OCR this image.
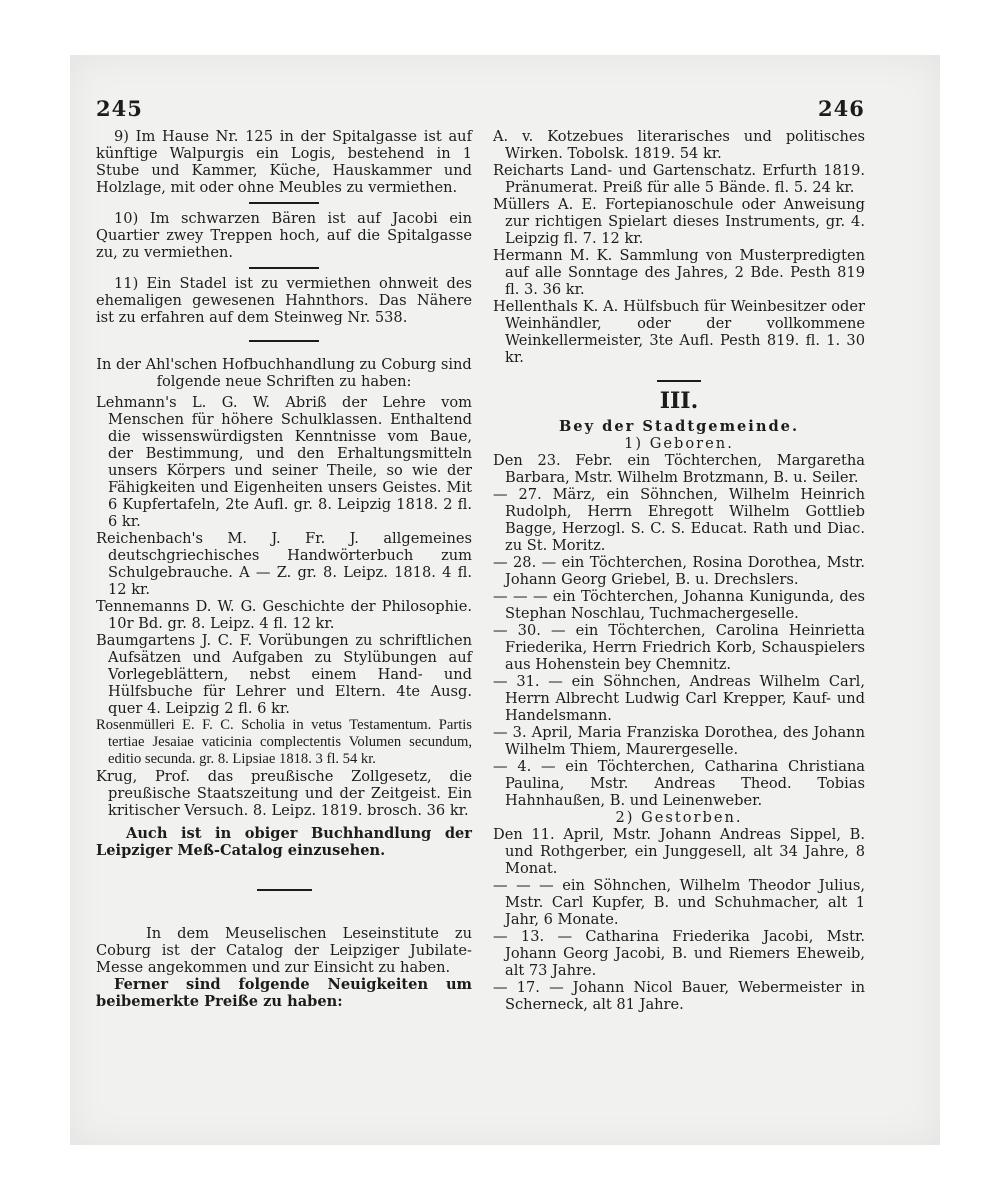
245	246

9) Im Hause Nr. 125 in der Spitalgasse ist auf künftige Walpurgis ein Logis, bestehend in 1 Stube und Kammer, Küche, Hauskammer und Holzlage, mit oder ohne Meubles zu vermiethen.

10) Im schwarzen Bären ist auf Jacobi ein Quartier zwey Treppen hoch, auf die Spitalgasse zu, zu vermiethen.

11) Ein Stadel ist zu vermiethen ohnweit des ehemaligen gewesenen Hahnthors. Das Nähere ist zu erfahren auf dem Steinweg Nr. 538.

In der Ahl'schen Hofbuchhandlung zu Coburg sind folgende neue Schriften zu haben:

Lehmann's L. G. W. Abriß der Lehre vom Menschen für höhere Schulklassen. Enthaltend die wissenswürdigsten Kenntnisse vom Baue, der Bestimmung, und den Erhaltungsmitteln unsers Körpers und seiner Theile, so wie der Fähigkeiten und Eigenheiten unsers Geistes. Mit 6 Kupfertafeln, 2te Aufl. gr. 8. Leipzig 1818. 2 fl. 6 kr.

Reichenbach's M. J. Fr. J. allgemeines deutschgriechisches Handwörterbuch zum Schulgebrauche. A — Z. gr. 8. Leipz. 1818. 4 fl. 12 kr.

Tennemanns D. W. G. Geschichte der Philosophie. 10r Bd. gr. 8. Leipz. 4 fl. 12 kr.

Baumgartens J. C. F. Vorübungen zu schriftlichen Aufsätzen und Aufgaben zu Stylübungen auf Vorlegeblättern, nebst einem Hand- und Hülfsbuche für Lehrer und Eltern. 4te Ausg. quer 4. Leipzig 2 fl. 6 kr.

Rosenmülleri E. F. C. Scholia in vetus Testamentum. Partis tertiae Jesaiae vaticinia complectentis Volumen secundum, editio secunda. gr. 8. Lipsiae 1818. 3 fl. 54 kr.

Krug, Prof. das preußische Zollgesetz, die preußische Staatszeitung und der Zeitgeist. Ein kritischer Versuch. 8. Leipz. 1819. brosch. 36 kr.

Auch ist in obiger Buchhandlung der Leipziger Meß-Catalog einzusehen.

In dem Meuselischen Leseinstitute zu Coburg ist der Catalog der Leipziger Jubilate-Messe angekommen und zur Einsicht zu haben.

Ferner sind folgende Neuigkeiten um beibemerkte Preiße zu haben:

A. v. Kotzebues literarisches und politisches Wirken. Tobolsk. 1819. 54 kr.

Reicharts Land- und Gartenschatz. Erfurth 1819. Pränumerat. Preiß für alle 5 Bände. fl. 5. 24 kr.

Müllers A. E. Fortepianoschule oder Anweisung zur richtigen Spielart dieses Instruments, gr. 4. Leipzig fl. 7. 12 kr.

Hermann M. K. Sammlung von Musterpredigten auf alle Sonntage des Jahres, 2 Bde. Pesth 819 fl. 3. 36 kr.

Hellenthals K. A. Hülfsbuch für Weinbesitzer oder Weinhändler, oder der vollkommene Weinkellermeister, 3te Aufl. Pesth 819. fl. 1. 30 kr.

III.

Bey der Stadtgemeinde.

1) Geboren.

Den 23. Febr. ein Töchterchen, Margaretha Barbara, Mstr. Wilhelm Brotzmann, B. u. Seiler.

— 27. März, ein Söhnchen, Wilhelm Heinrich Rudolph, Herrn Ehregott Wilhelm Gottlieb Bagge, Herzogl. S. C. S. Educat. Rath und Diac. zu St. Moritz.

— 28. — ein Töchterchen, Rosina Dorothea, Mstr. Johann Georg Griebel, B. u. Drechslers.

— — — ein Töchterchen, Johanna Kunigunda, des Stephan Noschlau, Tuchmachergeselle.

— 30. — ein Töchterchen, Carolina Heinrietta Friederika, Herrn Friedrich Korb, Schauspielers aus Hohenstein bey Chemnitz.

— 31. — ein Söhnchen, Andreas Wilhelm Carl, Herrn Albrecht Ludwig Carl Krepper, Kauf- und Handelsmann.

— 3. April, Maria Franziska Dorothea, des Johann Wilhelm Thiem, Maurergeselle.

— 4. — ein Töchterchen, Catharina Christiana Paulina, Mstr. Andreas Theod. Tobias Hahnhaußen, B. und Leinenweber.

2) Gestorben.

Den 11. April, Mstr. Johann Andreas Sippel, B. und Rothgerber, ein Junggesell, alt 34 Jahre, 8 Monat.

— — — ein Söhnchen, Wilhelm Theodor Julius, Mstr. Carl Kupfer, B. und Schuhmacher, alt 1 Jahr, 6 Monate.

— 13. — Catharina Friederika Jacobi, Mstr. Johann Georg Jacobi, B. und Riemers Eheweib, alt 73 Jahre.

— 17. — Johann Nicol Bauer, Webermeister in Scherneck, alt 81 Jahre.
